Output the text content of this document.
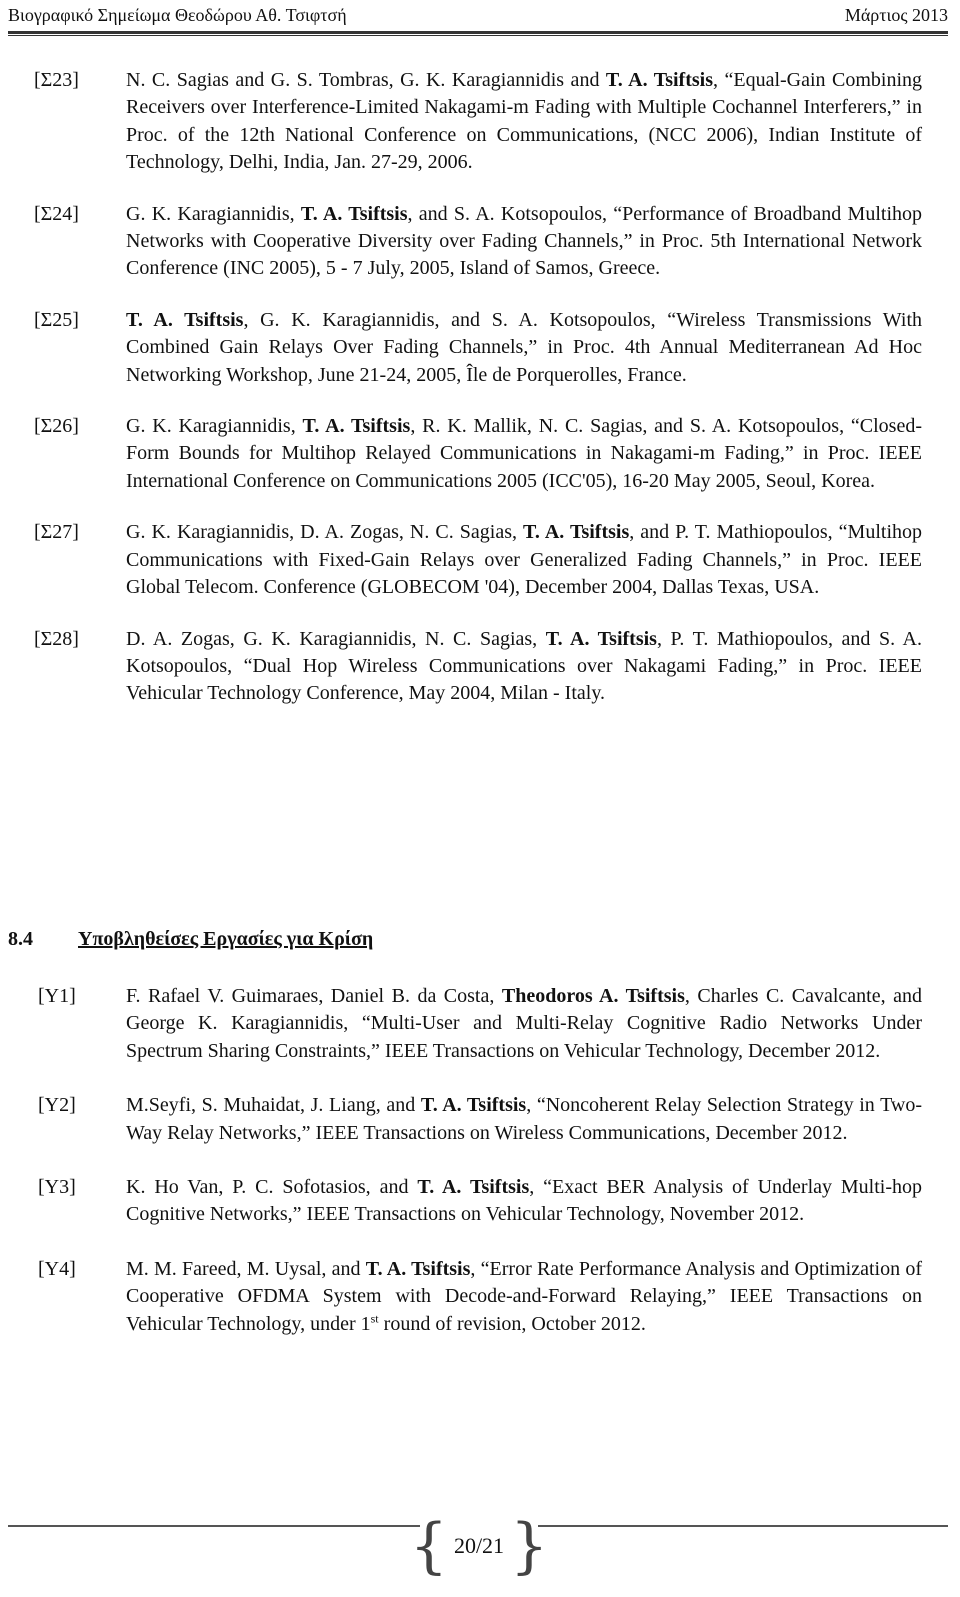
Βιογραφικό Σημείωμα Θεοδώρου Αθ. Τσιφτσή	Μάρτιος 2013
[Σ23] N. C. Sagias and G. S. Tombras, G. K. Karagiannidis and T. A. Tsiftsis, “Equal-Gain Combining Receivers over Interference-Limited Nakagami-m Fading with Multiple Cochannel Interferers,” in Proc. of the 12th National Conference on Communications, (NCC 2006), Indian Institute of Technology, Delhi, India, Jan. 27-29, 2006.
[Σ24] G. K. Karagiannidis, T. A. Tsiftsis, and S. A. Kotsopoulos, “Performance of Broadband Multihop Networks with Cooperative Diversity over Fading Channels,” in Proc. 5th International Network Conference (INC 2005), 5 - 7 July, 2005, Island of Samos, Greece.
[Σ25] T. A. Tsiftsis, G. K. Karagiannidis, and S. A. Kotsopoulos, “Wireless Transmissions With Combined Gain Relays Over Fading Channels,” in Proc. 4th Annual Mediterranean Ad Hoc Networking Workshop, June 21-24, 2005, Île de Porquerolles, France.
[Σ26] G. K. Karagiannidis, T. A. Tsiftsis, R. K. Mallik, N. C. Sagias, and S. A. Kotsopoulos, “Closed-Form Bounds for Multihop Relayed Communications in Nakagami-m Fading,” in Proc. IEEE International Conference on Communications 2005 (ICC'05), 16-20 May 2005, Seoul, Korea.
[Σ27] G. K. Karagiannidis, D. A. Zogas, N. C. Sagias, T. A. Tsiftsis, and P. T. Mathiopoulos, “Multihop Communications with Fixed-Gain Relays over Generalized Fading Channels,” in Proc. IEEE Global Telecom. Conference (GLOBECOM '04), December 2004, Dallas Texas, USA.
[Σ28] D. A. Zogas, G. K. Karagiannidis, N. C. Sagias, T. A. Tsiftsis, P. T. Mathiopoulos, and S. A. Kotsopoulos, “Dual Hop Wireless Communications over Nakagami Fading,” in Proc. IEEE Vehicular Technology Conference, May 2004, Milan - Italy.
8.4 Υποβληθείσες Εργασίες για Κρίση
[Y1]	F. Rafael V. Guimaraes, Daniel B. da Costa, Theodoros A. Tsiftsis, Charles C. Cavalcante, and George K. Karagiannidis, “Multi-User and Multi-Relay Cognitive Radio Networks Under Spectrum Sharing Constraints,” IEEE Transactions on Vehicular Technology, December 2012.
[Y2]	M.Seyfi, S. Muhaidat, J. Liang, and T. A. Tsiftsis, “Noncoherent Relay Selection Strategy in Two-Way Relay Networks,” IEEE Transactions on Wireless Communications, December 2012.
[Y3]	K. Ho Van, P. C. Sofotasios, and T. A. Tsiftsis, “Exact BER Analysis of Underlay Multi-hop Cognitive Networks,” IEEE Transactions on Vehicular Technology, November 2012.
[Y4]	M. M. Fareed, M. Uysal, and T. A. Tsiftsis, “Error Rate Performance Analysis and Optimization of Cooperative OFDMA System with Decode-and-Forward Relaying,” IEEE Transactions on Vehicular Technology, under 1st round of revision, October 2012.
{ 20/21 }
